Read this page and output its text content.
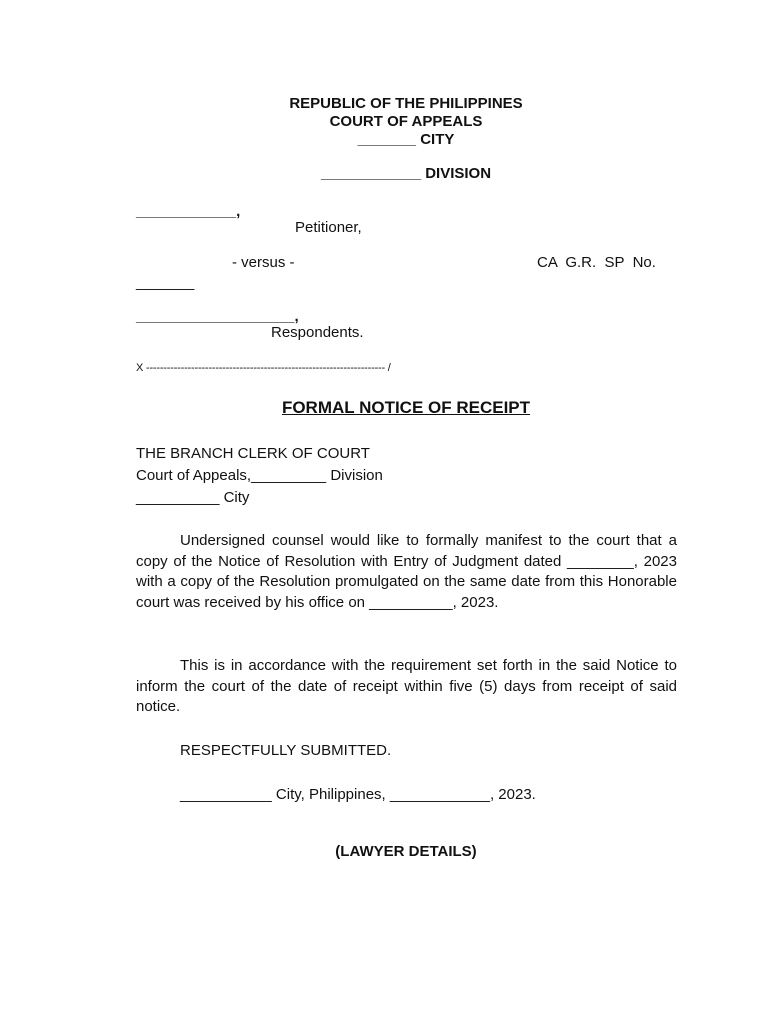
REPUBLIC OF THE PHILIPPINES
COURT OF APPEALS
_______ CITY
____________ DIVISION
____________,
Petitioner,
- versus -	CA  G.R.  SP  No.
_______
___________________,
Respondents.
X --------------------------------------------------------------------- /
FORMAL NOTICE OF RECEIPT
THE BRANCH CLERK OF COURT
Court of Appeals,_________ Division
__________ City
Undersigned counsel would like to formally manifest to the court that a copy of the Notice of Resolution with Entry of Judgment dated ________, 2023 with a copy of the Resolution promulgated on the same date from this Honorable court was received by his office on __________, 2023.
This is in accordance with the requirement set forth in the said Notice to inform the court of the date of receipt within five (5) days from receipt of said notice.
RESPECTFULLY SUBMITTED.
___________ City, Philippines, ____________, 2023.
(LAWYER DETAILS)
